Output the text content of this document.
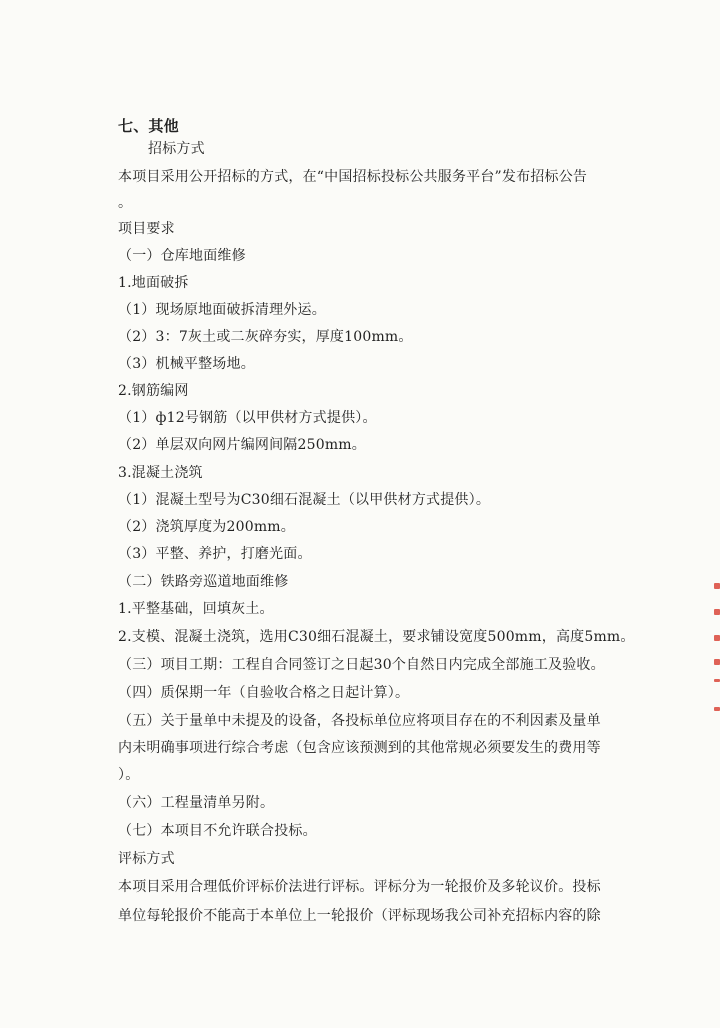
七、其他
招标方式
本项目采用公开招标的方式，在“中国招标投标公共服务平台”发布招标公告
。
项目要求
（一）仓库地面维修
1.地面破拆
（1）现场原地面破拆清理外运。
（2）3：7灰土或二灰碎夯实，厚度100mm。
（3）机械平整场地。
2.钢筋编网
（1）ф12号钢筋（以甲供材方式提供）。
（2）单层双向网片编网间隔250mm。
3.混凝土浇筑
（1）混凝土型号为C30细石混凝土（以甲供材方式提供）。
（2）浇筑厚度为200mm。
（3）平整、养护，打磨光面。
（二）铁路旁巡道地面维修
1.平整基础，回填灰土。
2.支模、混凝土浇筑，选用C30细石混凝土，要求铺设宽度500mm，高度5mm。
（三）项目工期：工程自合同签订之日起30个自然日内完成全部施工及验收。
（四）质保期一年（自验收合格之日起计算）。
（五）关于量单中未提及的设备，各投标单位应将项目存在的不利因素及量单
内未明确事项进行综合考虑（包含应该预测到的其他常规必须要发生的费用等
）。
（六）工程量清单另附。
（七）本项目不允许联合投标。
评标方式
本项目采用合理低价评标价法进行评标。评标分为一轮报价及多轮议价。投标
单位每轮报价不能高于本单位上一轮报价（评标现场我公司补充招标内容的除
